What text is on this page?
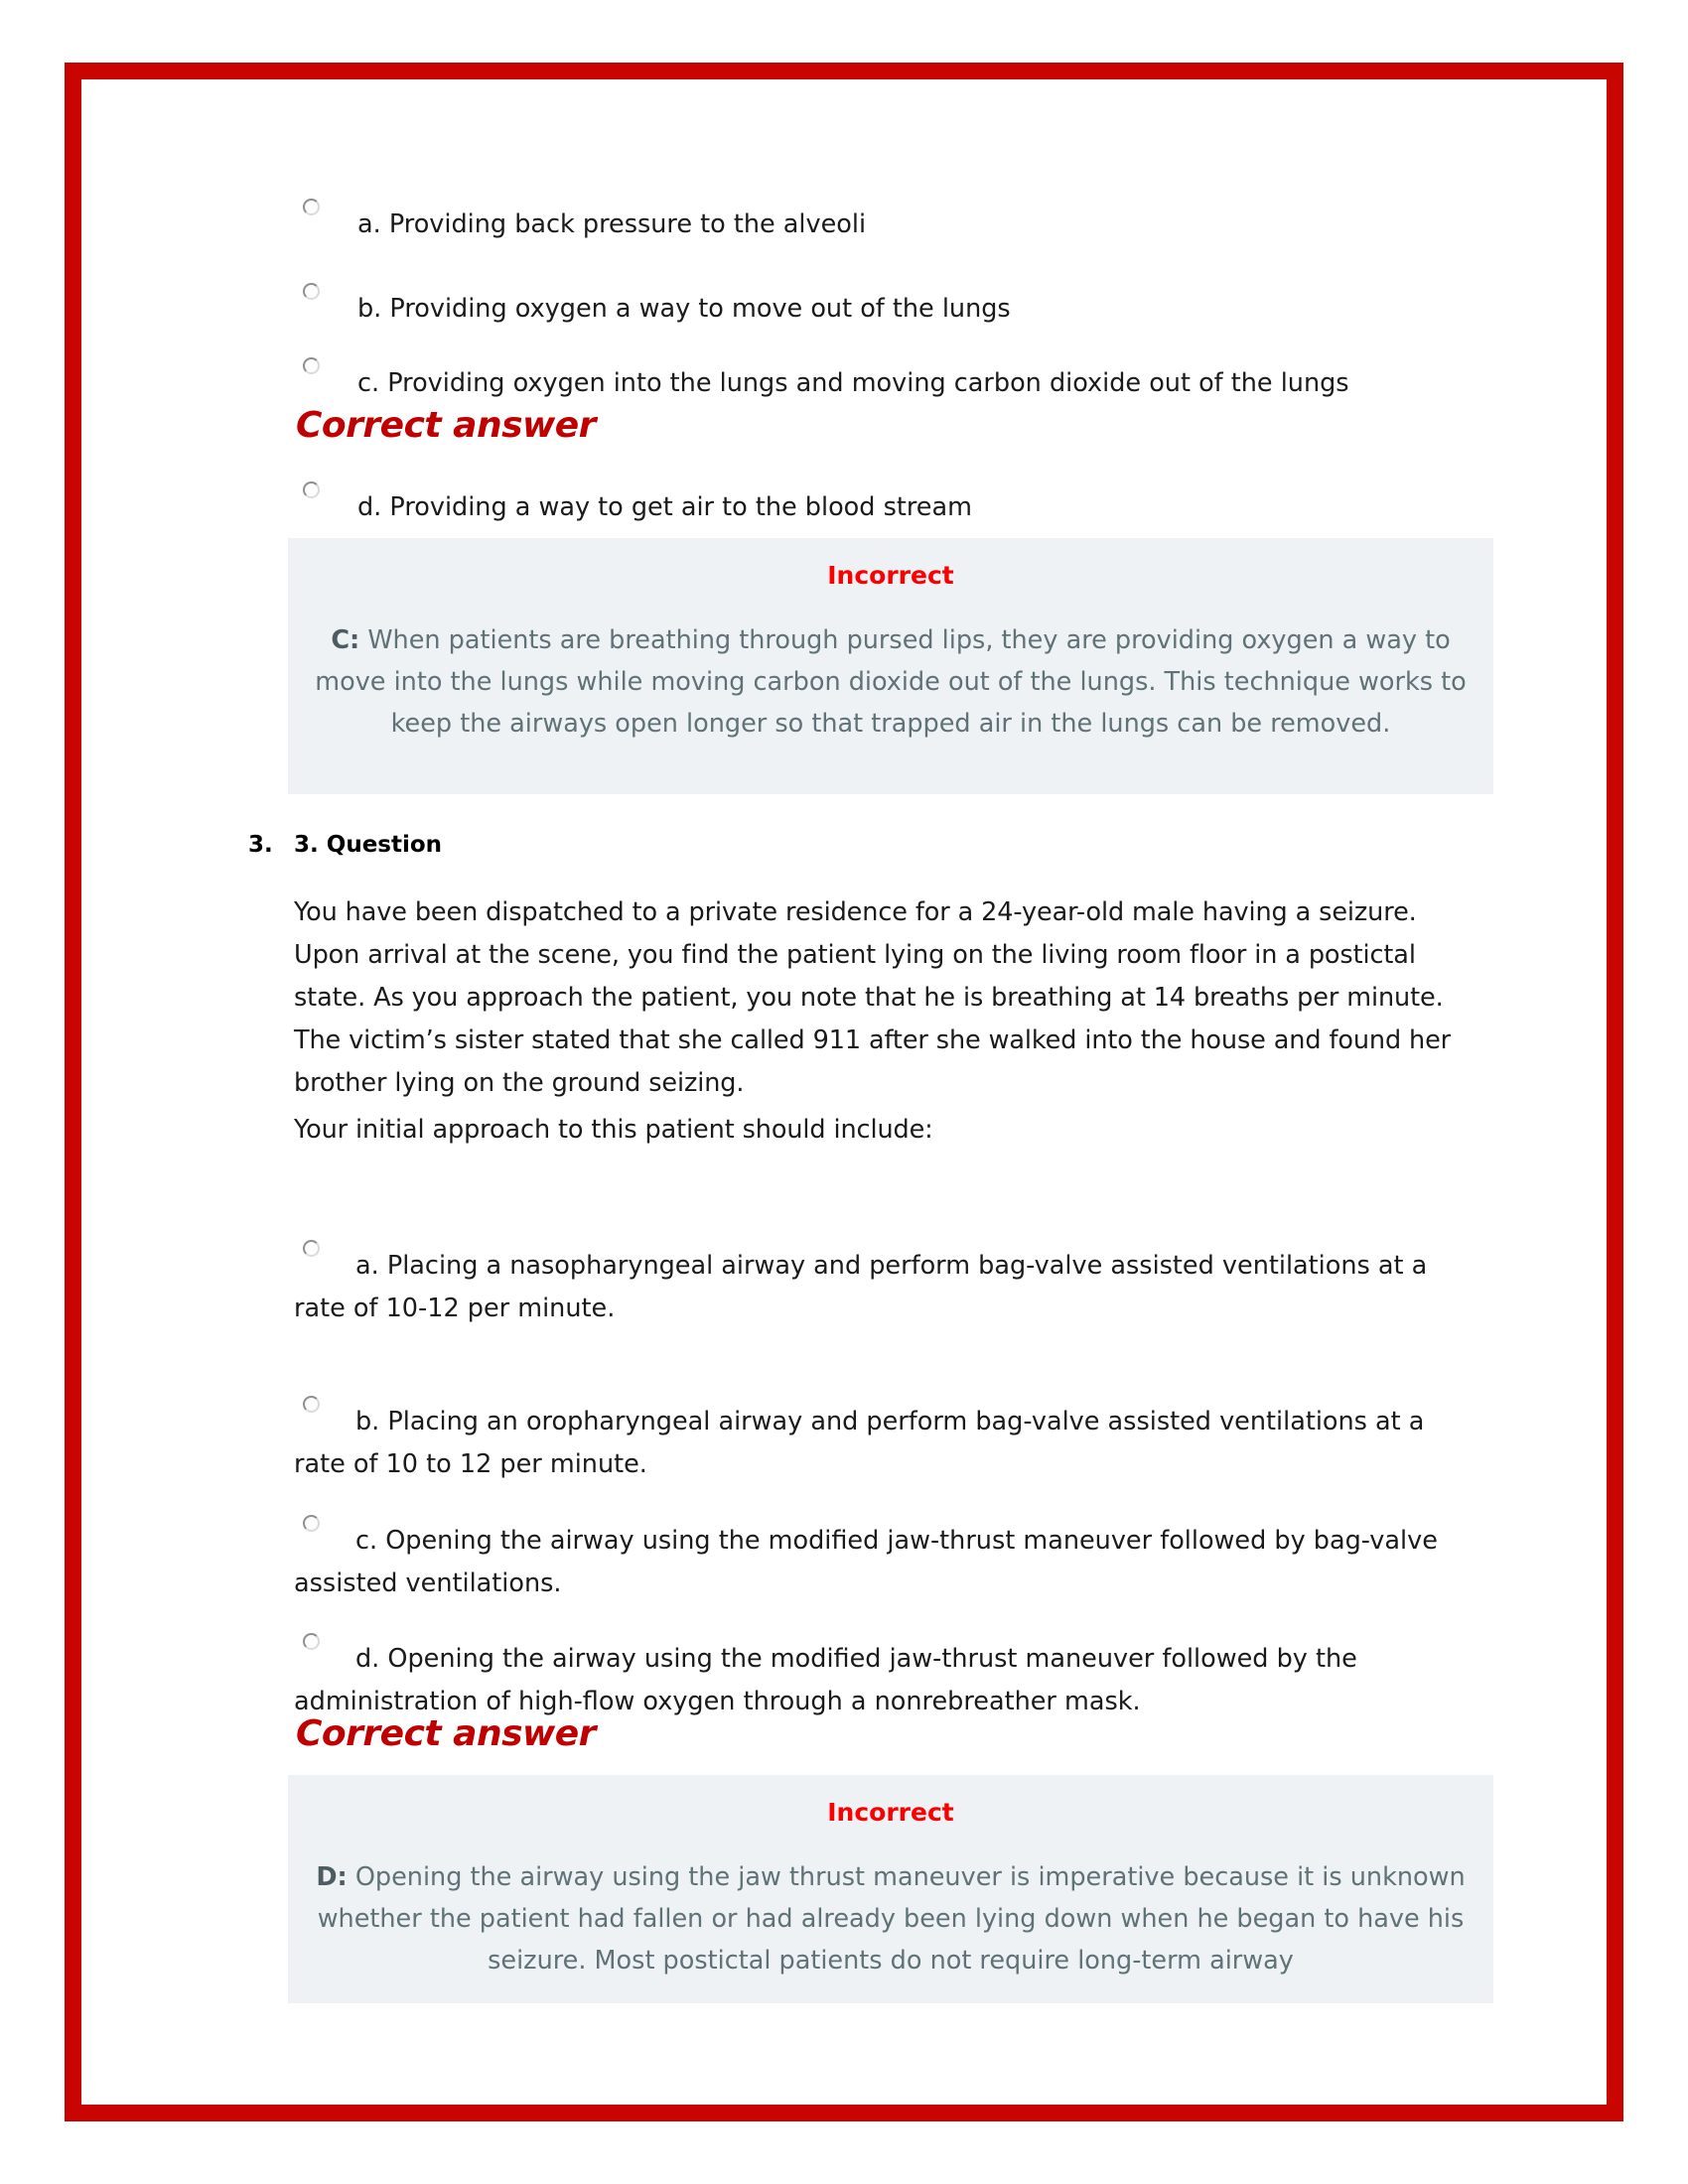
a. Providing back pressure to the alveoli
b. Providing oxygen a way to move out of the lungs
c. Providing oxygen into the lungs and moving carbon dioxide out of the lungs
Correct answer
d. Providing a way to get air to the blood stream
Incorrect
C: When patients are breathing through pursed lips, they are providing oxygen a way to move into the lungs while moving carbon dioxide out of the lungs. This technique works to keep the airways open longer so that trapped air in the lungs can be removed.
3. 3. Question
You have been dispatched to a private residence for a 24-year-old male having a seizure. Upon arrival at the scene, you find the patient lying on the living room floor in a postictal state. As you approach the patient, you note that he is breathing at 14 breaths per minute. The victim’s sister stated that she called 911 after she walked into the house and found her brother lying on the ground seizing.
Your initial approach to this patient should include:
a. Placing a nasopharyngeal airway and perform bag-valve assisted ventilations at a rate of 10-12 per minute.
b. Placing an oropharyngeal airway and perform bag-valve assisted ventilations at a rate of 10 to 12 per minute.
c. Opening the airway using the modified jaw-thrust maneuver followed by bag-valve assisted ventilations.
d. Opening the airway using the modified jaw-thrust maneuver followed by the administration of high-flow oxygen through a nonrebreather mask.
Correct answer
Incorrect
D: Opening the airway using the jaw thrust maneuver is imperative because it is unknown whether the patient had fallen or had already been lying down when he began to have his seizure. Most postictal patients do not require long-term airway
